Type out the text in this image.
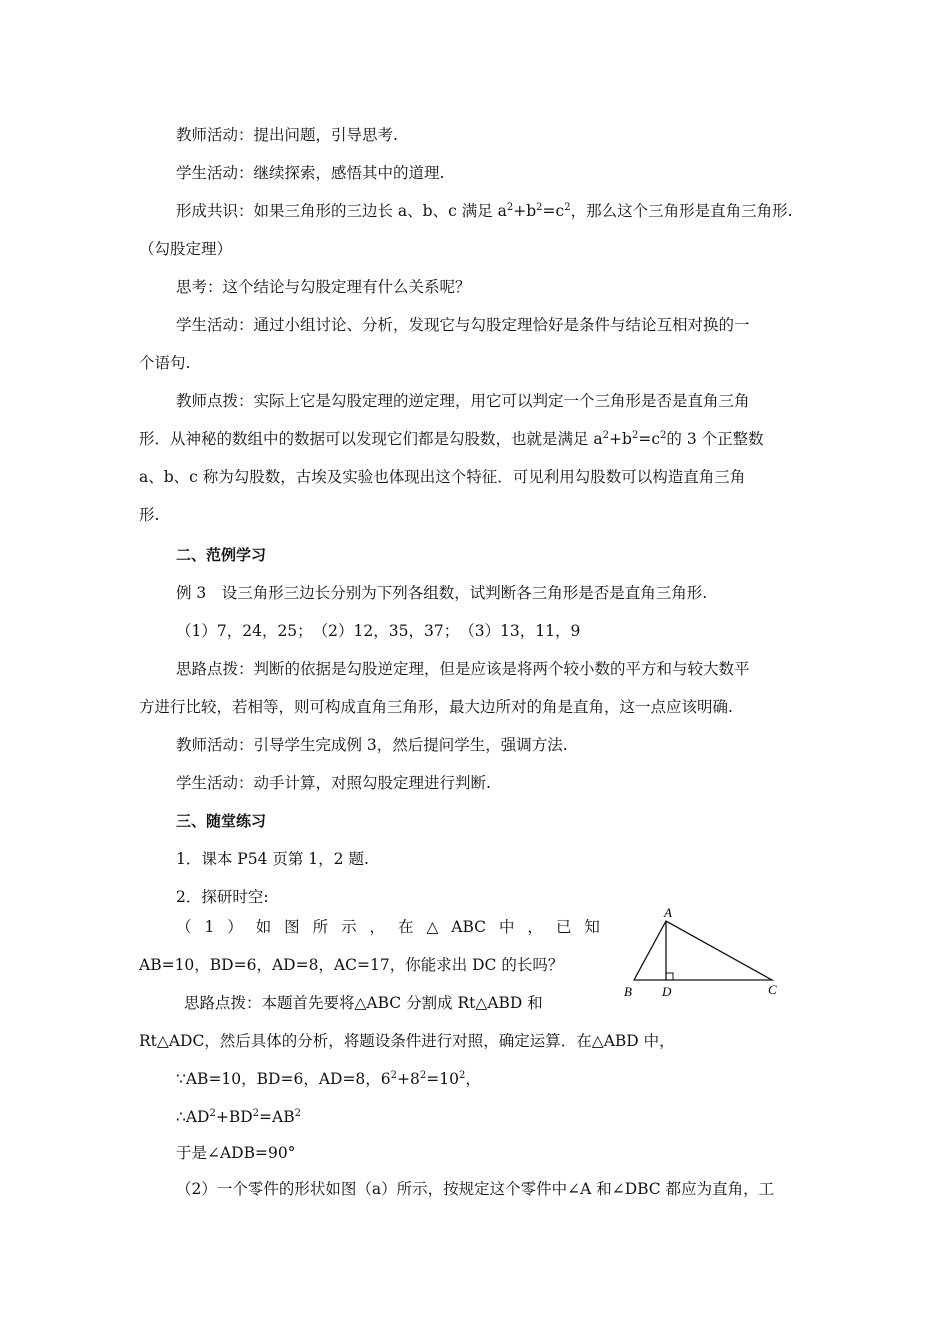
教师活动：提出问题，引导思考.
学生活动：继续探索，感悟其中的道理.
形成共识：如果三角形的三边长 a、b、c 满足 $a^2+b^2=c^2$，那么这个三角形是直角三角形.
（勾股定理）
思考：这个结论与勾股定理有什么关系呢？
学生活动：通过小组讨论、分析，发现它与勾股定理恰好是条件与结论互相对换的一
个语句.
教师点拨：实际上它是勾股定理的逆定理，用它可以判定一个三角形是否是直角三角
形．从神秘的数组中的数据可以发现它们都是勾股数，也就是满足 $a^2+b^2=c^2$的 3 个正整数
a、b、c 称为勾股数，古埃及实验也体现出这个特征．可见利用勾股数可以构造直角三角
形.
二、范例学习
例 3　设三角形三边长分别为下列各组数，试判断各三角形是否是直角三角形.
（1）7，24，25；　（2）12，35，37；　（3）13，11，9
思路点拨：判断的依据是勾股逆定理，但是应该是将两个较小数的平方和与较大数平
方进行比较，若相等，则可构成直角三角形，最大边所对的角是直角，这一点应该明确.
教师活动：引导学生完成例 3，然后提问学生，强调方法.
学生活动：动手计算，对照勾股定理进行判断.
三、随堂练习
1．课本 P54 页第 1，2 题.
2．探研时空:
（ 1 ） 如 图 所 示 ， 在 △ ABC 中 ， 已 知
AB=10，BD=6，AD=8，AC=17，你能求出 DC 的长吗？
思路点拨：本题首先要将△ABC 分割成 Rt△ABD 和
Rt△ADC，然后具体的分析，将题设条件进行对照，确定运算．在△ABD 中，
∵AB=10，BD=6，AD=8，$6^2+8^2=10^2$，
$\therefore AD^2+BD^2=AB^2$
于是∠ADB=90°
（2）一个零件的形状如图（a）所示，按规定这个零件中∠A 和∠DBC 都应为直角，工
A
B D	C
